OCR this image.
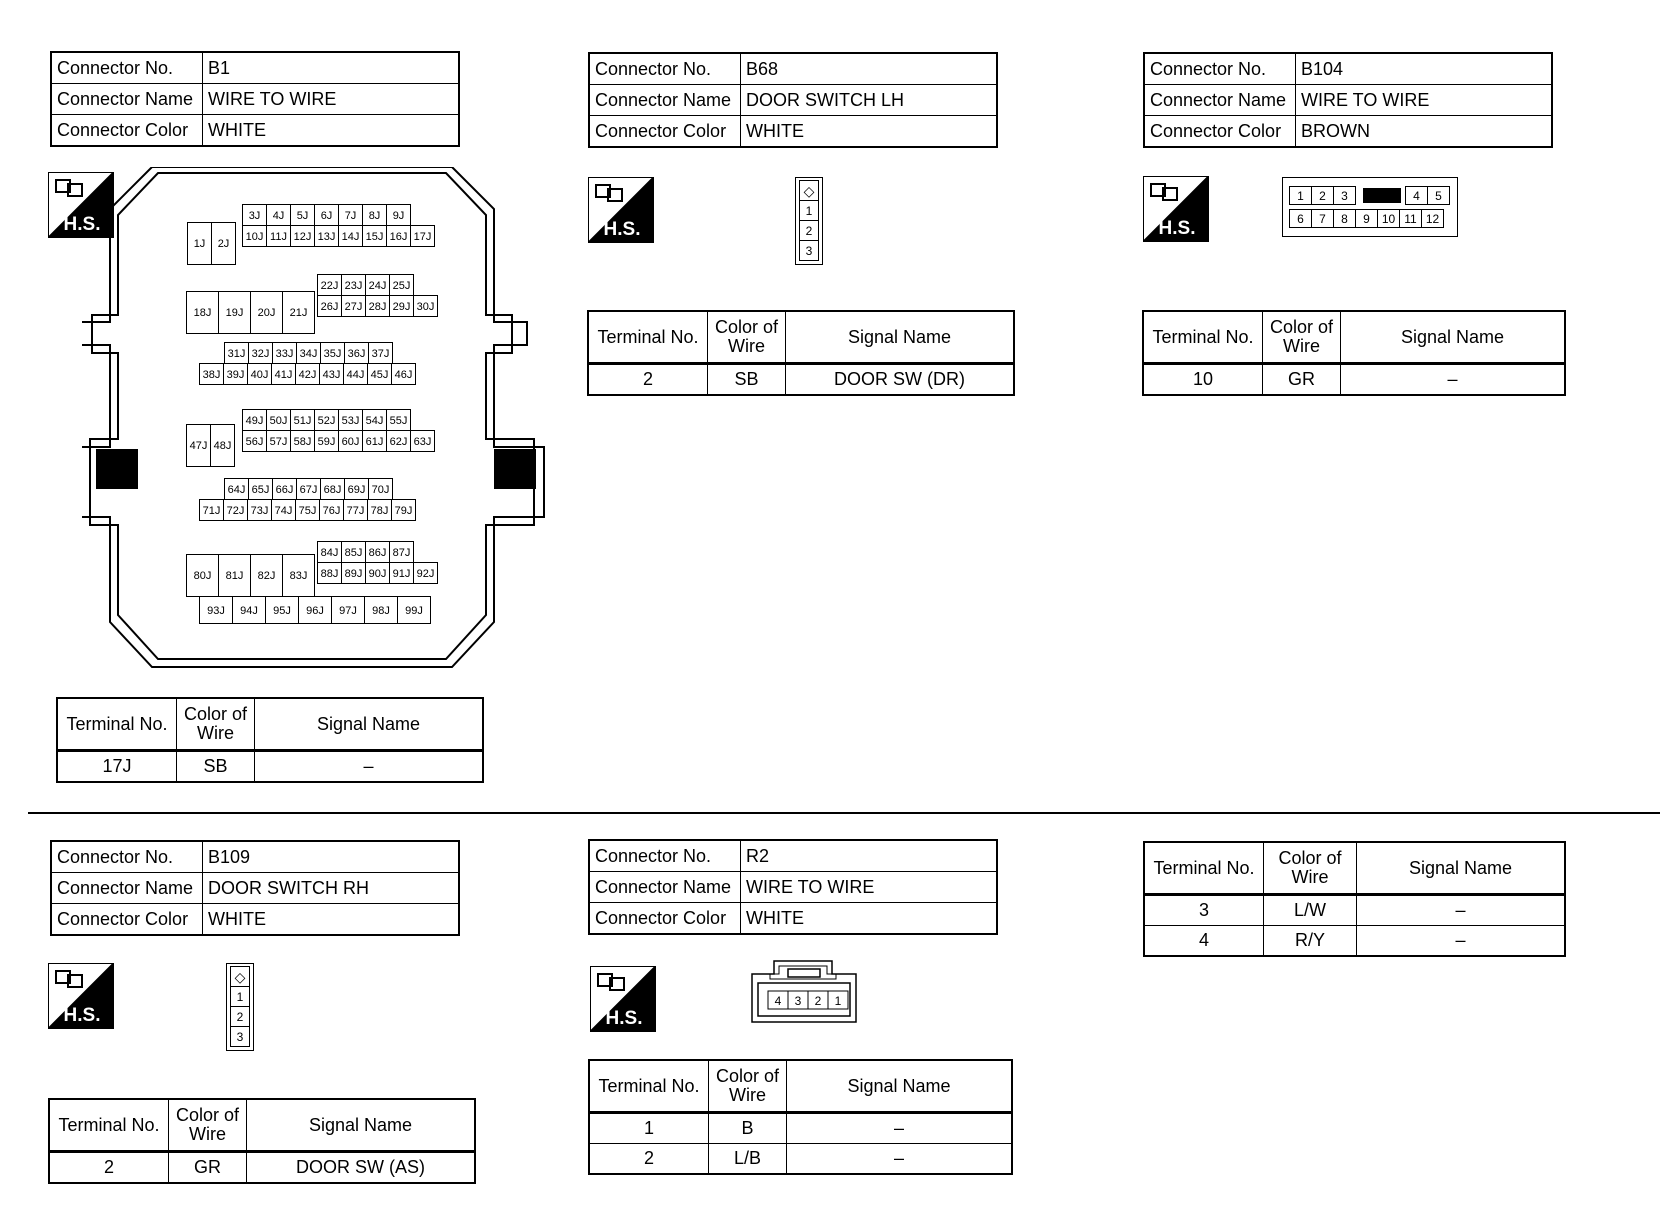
Connector No.	B1
Connector Name	WIRE TO WIRE
Connector Color	WHITE
H.S.
1J	2J
3J	4J	5J	6J	7J	8J	9J
10J 11J 12J 13J 14J 15J 16J 17J
18J	19J	20J	21J
22J 23J 24J 25J
26J 27J 28J 29J 30J
31J 32J 33J 34J 35J 36J 37J
38J 39J 40J 41J 42J 43J 44J 45J 46J
47J 48J
49J 50J 51J 52J 53J 54J 55J
56J 57J 58J 59J 60J 61J 62J 63J
64J 65J 66J 67J 68J 69J 70J
71J 72J 73J 74J 75J 76J 77J 78J 79J
80J	81J	82J	83J
84J 85J 86J 87J
88J 89J 90J 91J 92J
93J	94J	95J	96J	97J	98J	99J
Terminal No.	Color of Wire	Signal Name
17J	SB	–
Connector No.	B68
Connector Name	DOOR SWITCH LH
Connector Color	WHITE
H.S.
◇
1
2
3
Terminal No.	Color of Wire	Signal Name
2	SB	DOOR SW (DR)
Connector No.	B104
Connector Name	WIRE TO WIRE
Connector Color	BROWN
H.S.
1	2	3	4	5
6	7	8	9 10 11 12
Terminal No.	Color of Wire	Signal Name
10	GR	–
Connector No.	B109
Connector Name	DOOR SWITCH RH
Connector Color	WHITE
H.S.
◇
1
2
3
Terminal No.	Color of Wire	Signal Name
2	GR	DOOR SW (AS)
Connector No.	R2
Connector Name	WIRE TO WIRE
Connector Color	WHITE
H.S.
4 3 2 1
Terminal No.	Color of Wire	Signal Name
1	B	–
2	L/B	–
Terminal No.	Color of Wire	Signal Name
3	L/W	–
4	R/Y	–
